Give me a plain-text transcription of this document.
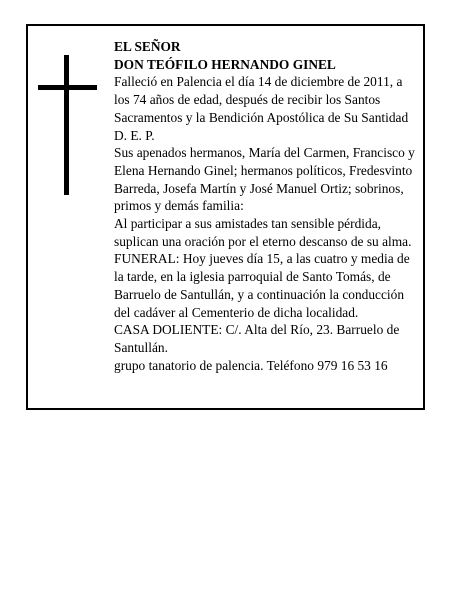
EL SEÑOR

DON TEÓFILO HERNANDO GINEL

Falleció en Palencia el día 14 de diciembre de 2011, a los 74 años de edad, después de recibir los Santos Sacramentos y la Bendición Apostólica de Su Santidad D. E. P.

Sus apenados hermanos, María del Carmen, Francisco y Elena Hernando Ginel; hermanos políticos, Fredesvinto Barreda, Josefa Martín y José Manuel Ortiz; sobrinos, primos y demás familia:

Al participar a sus amistades tan sensible pérdida, suplican una oración por el eterno descanso de su alma.

FUNERAL: Hoy jueves día 15, a las cuatro y media de la tarde, en la iglesia parroquial de Santo Tomás, de Barruelo de Santullán, y a continuación la conducción del cadáver al Cementerio de dicha localidad.

CASA DOLIENTE: C/. Alta del Río, 23. Barruelo de Santullán.

grupo tanatorio de palencia. Teléfono 979 16 53 16
